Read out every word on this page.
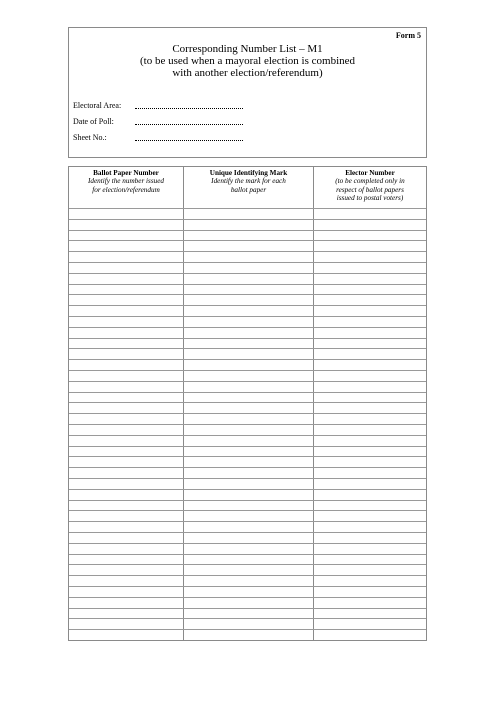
Form 5
Corresponding Number List – M1
(to be used when a mayoral election is combined
with another election/referendum)
Electoral Area:
Date of Poll:
Sheet No.:
Ballot Paper Number
Identify the number issued
for election/referendum
Unique Identifying Mark
Identify the mark for each
ballot paper
Elector Number
(to be completed only in
respect of ballot papers
issued to postal voters)
